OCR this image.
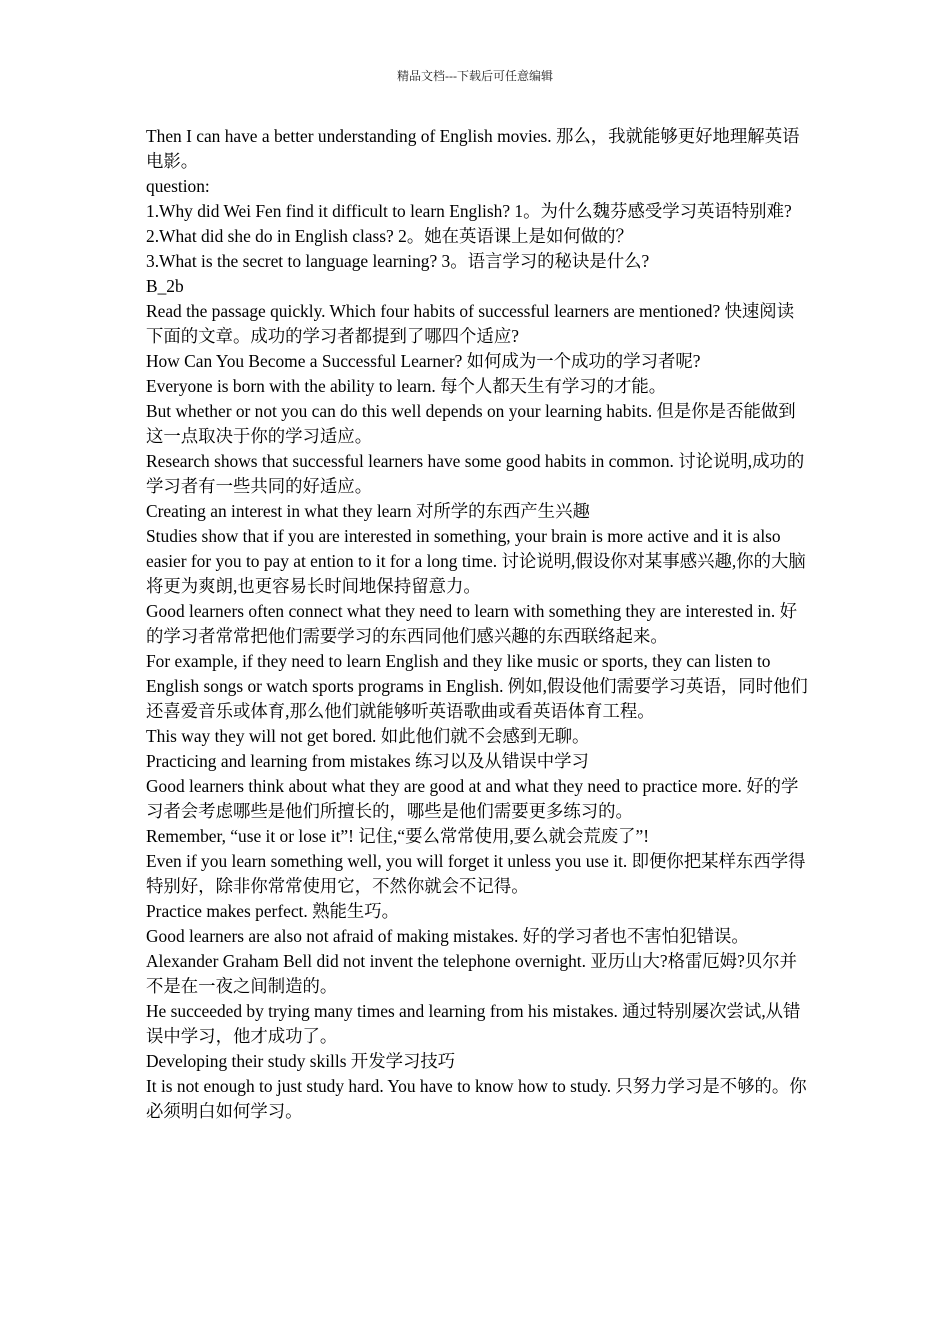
精品文档---下载后可任意编辑

Then I can have a better understanding of English movies. 那么，我就能够更好地理解英语电影。

question:

1.Why did Wei Fen find it difficult to learn English? 1。为什么魏芬感受学习英语特别难?

2.What did she do in English class? 2。她在英语课上是如何做的？

3.What is the secret to language learning? 3。语言学习的秘诀是什么?

B_2b

Read the passage quickly. Which four habits of successful learners are mentioned? 快速阅读下面的文章。成功的学习者都提到了哪四个适应?

How Can You Become a Successful Learner? 如何成为一个成功的学习者呢?

Everyone is born with the ability to learn. 每个人都天生有学习的才能。

But whether or not you can do this well depends on your learning habits. 但是你是否能做到这一点取决于你的学习适应。

Research shows that successful learners have some good habits in common. 讨论说明,成功的学习者有一些共同的好适应。

Creating an interest in what they learn 对所学的东西产生兴趣

Studies show that if you are interested in something, your brain is more active and it is also easier for you to pay at ention to it for a long time. 讨论说明,假设你对某事感兴趣,你的大脑将更为爽朗,也更容易长时间地保持留意力。

Good learners often connect what they need to learn with something they are interested in. 好的学习者常常把他们需要学习的东西同他们感兴趣的东西联络起来。

For example, if they need to learn English and they like music or sports, they can listen to English songs or watch sports programs in English. 例如,假设他们需要学习英语，同时他们还喜爱音乐或体育,那么他们就能够听英语歌曲或看英语体育工程。

This way they will not get bored. 如此他们就不会感到无聊。

Practicing and learning from mistakes 练习以及从错误中学习

Good learners think about what they are good at and what they need to practice more. 好的学习者会考虑哪些是他们所擅长的，哪些是他们需要更多练习的。

Remember, “use it or lose it”! 记住,“要么常常使用,要么就会荒废了”!

Even if you learn something well, you will forget it unless you use it. 即便你把某样东西学得特别好，除非你常常使用它，不然你就会不记得。

Practice makes perfect. 熟能生巧。

Good learners are also not afraid of making mistakes. 好的学习者也不害怕犯错误。

Alexander Graham Bell did not invent the telephone overnight. 亚历山大?格雷厄姆?贝尔并不是在一夜之间制造的。

He succeeded by trying many times and learning from his mistakes. 通过特别屡次尝试,从错误中学习，他才成功了。

Developing their study skills 开发学习技巧

It is not enough to just study hard. You have to know how to study. 只努力学习是不够的。你必须明白如何学习。
